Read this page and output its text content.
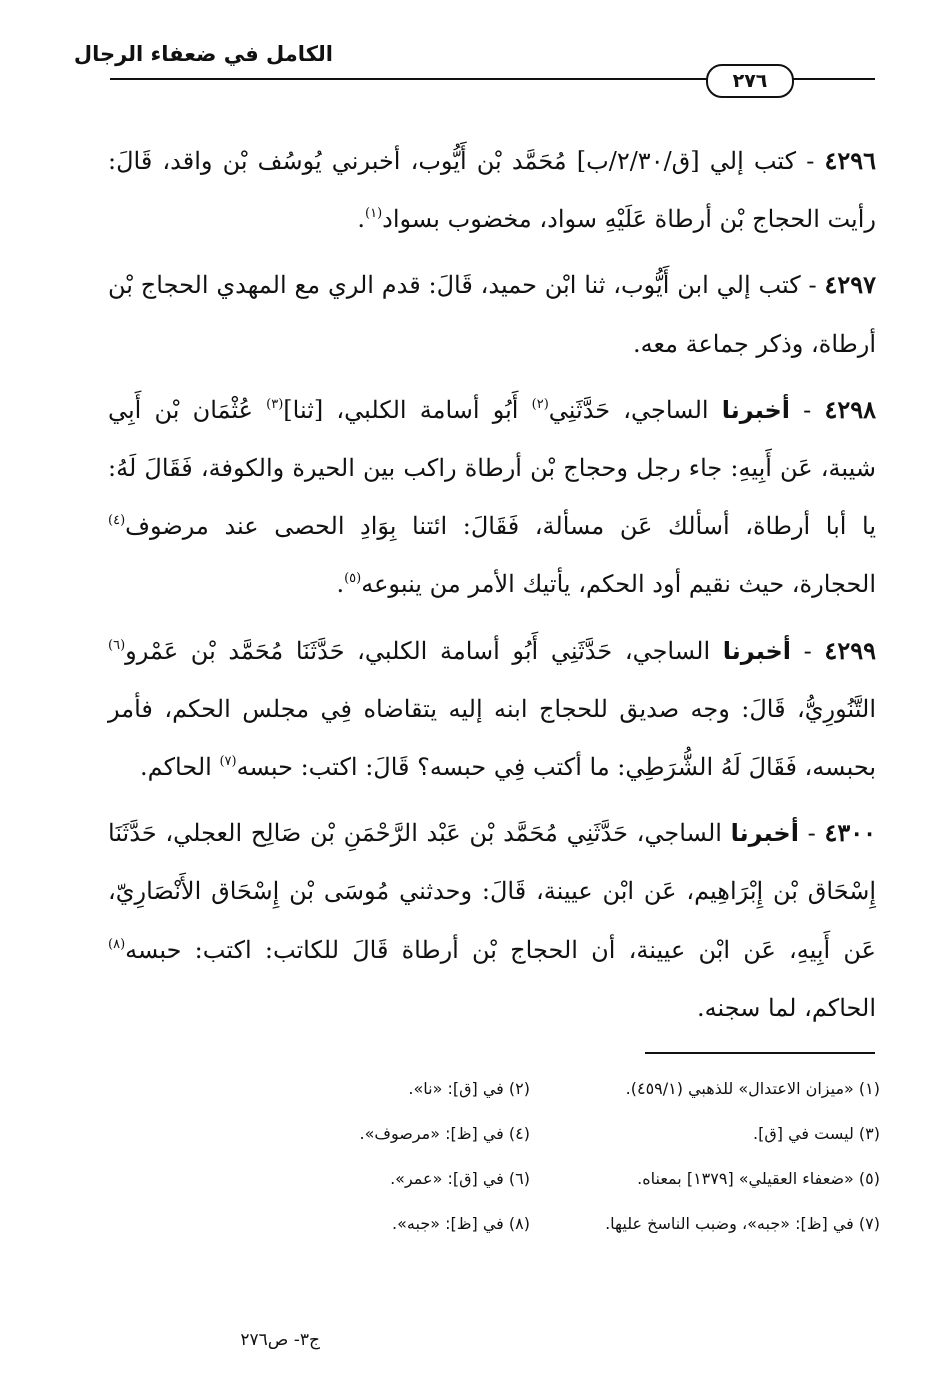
الكامل في ضعفاء الرجال
٢٧٦

٤٢٩٦ - كتب إلي [ق/٢/٣٠/ب] مُحَمَّد بْن أَيُّوب، أخبرني يُوسُف بْن واقد، قَالَ: رأيت الحجاج بْن أرطاة عَلَيْهِ سواد، مخضوب بسواد$^{(١)}$.

٤٢٩٧ - كتب إلي ابن أَيُّوب، ثنا ابْن حميد، قَالَ: قدم الري مع المهدي الحجاج بْن أرطاة، وذكر جماعة معه.

٤٢٩٨ - أخبرنا الساجي، حَدَّثَنِي$^{(٢)}$ أَبُو أسامة الكلبي، [ثنا]$^{(٣)}$ عُثْمَان بْن أَبِي شيبة، عَن أَبِيهِ: جاء رجل وحجاج بْن أرطاة راكب بين الحيرة والكوفة، فَقَالَ لَهُ: يا أبا أرطاة، أسألك عَن مسألة، فَقَالَ: ائتنا بِوَادِ الحصى عند مرضوف$^{(٤)}$ الحجارة، حيث نقيم أود الحكم، يأتيك الأمر من ينبوعه$^{(٥)}$.

٤٢٩٩ - أخبرنا الساجي، حَدَّثَنِي أَبُو أسامة الكلبي، حَدَّثَنَا مُحَمَّد بْن عَمْرو$^{(٦)}$ التَّنُورِيُّ، قَالَ: وجه صديق للحجاج ابنه إليه يتقاضاه فِي مجلس الحكم، فأمر بحبسه، فَقَالَ لَهُ الشُّرَطِي: ما أكتب فِي حبسه؟ قَالَ: اكتب: حبسه$^{(٧)}$ الحاكم.

٤٣٠٠ - أخبرنا الساجي، حَدَّثَنِي مُحَمَّد بْن عَبْد الرَّحْمَنِ بْن صَالِح العجلي، حَدَّثَنَا إِسْحَاق بْن إِبْرَاهِيم، عَن ابْن عيينة، قَالَ: وحدثني مُوسَى بْن إِسْحَاق الأَنْصَارِيّ، عَن أَبِيهِ، عَن ابْن عيينة، أن الحجاج بْن أرطاة قَالَ للكاتب: اكتب: حبسه$^{(٨)}$ الحاكم، لما سجنه.

(١) «ميزان الاعتدال» للذهبي (٤٥٩/١).
(٢) في [ق]: «نا».
(٣) ليست في [ق].
(٤) في [ظ]: «مرصوف».
(٥) «ضعفاء العقيلي» [١٣٧٩] بمعناه.
(٦) في [ق]: «عمر».
(٧) في [ظ]: «جبه»، وضبب الناسخ عليها.
(٨) في [ظ]: «جبه».
ج٣- ص٢٧٦
